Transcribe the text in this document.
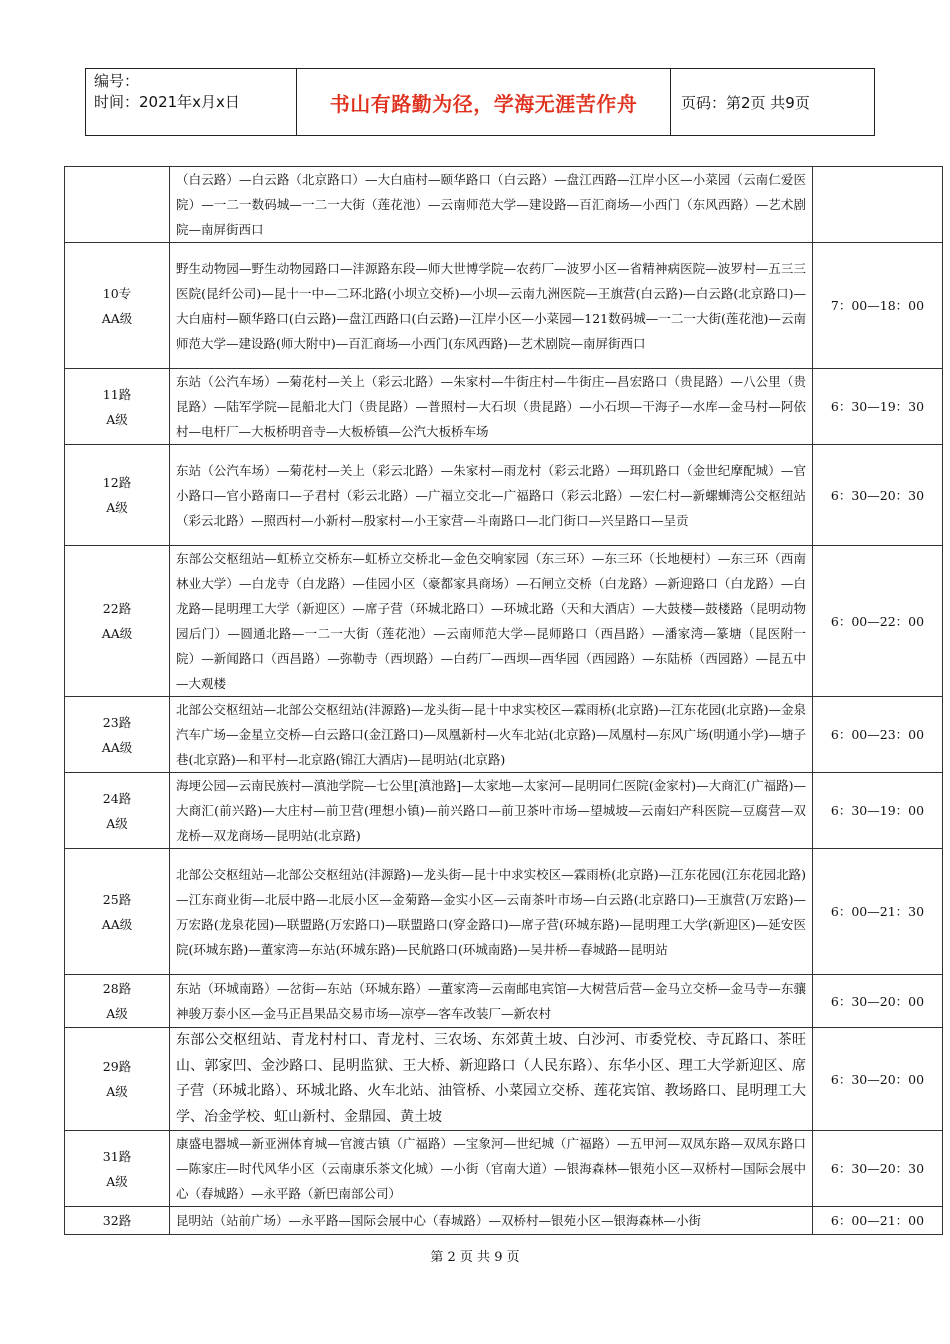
编号：
时间：2021年x月x日	书山有路勤为径，学海无涯苦作舟	页码：第2页 共9页
	（白云路）—白云路（北京路口）—大白庙村—颐华路口（白云路）—盘江西路—江岸小区—小菜园（云南仁爱医院）—一二一数码城—一二一大街（莲花池）—云南师范大学—建设路—百汇商场—小西门（东风西路）—艺术剧院—南屏街西口	

10专
AA级	野生动物园—野生动物园路口—沣源路东段—师大世博学院—农药厂—波罗小区—省精神病医院—波罗村—五三三医院(昆纤公司)—昆十一中—二环北路(小坝立交桥)—小坝—云南九洲医院—王旗营(白云路)—白云路(北京路口)—大白庙村—颐华路口(白云路)—盘江西路口(白云路)—江岸小区—小菜园—121数码城—一二一大街(莲花池)—云南师范大学—建设路(师大附中)—百汇商场—小西门(东风西路)—艺术剧院—南屏街西口	7：00—18：00

11路
A级	东站（公汽车场）—菊花村—关上（彩云北路）—朱家村—牛街庄村—牛街庄—昌宏路口（贵昆路）—八公里（贵昆路）—陆军学院—昆船北大门（贵昆路）—普照村—大石坝（贵昆路）—小石坝—干海子—水库—金马村—阿依村—电杆厂—大板桥明音寺—大板桥镇—公汽大板桥车场	6：30—19：30

12路
A级	东站（公汽车场）—菊花村—关上（彩云北路）—朱家村—雨龙村（彩云北路）—珥玑路口（金世纪摩配城）—官小路口—官小路南口—子君村（彩云北路）—广福立交北—广福路口（彩云北路）—宏仁村—新螺蛳湾公交枢纽站（彩云北路）—照西村—小新村—殷家村—小王家营—斗南路口—北门街口—兴呈路口—呈贡	6：30—20：30

22路
AA级	东部公交枢纽站—虹桥立交桥东—虹桥立交桥北—金色交响家园（东三环）—东三环（长地梗村）—东三环（西南林业大学）—白龙寺（白龙路）—佳园小区（豪都家具商场）—石闸立交桥（白龙路）—新迎路口（白龙路）—白龙路—昆明理工大学（新迎区）—席子营（环城北路口）—环城北路（天和大酒店）—大鼓楼—鼓楼路（昆明动物园后门）—圆通北路—一二一大街（莲花池）—云南师范大学—昆师路口（西昌路）—潘家湾—篆塘（昆医附一院）—新闻路口（西昌路）—弥勒寺（西坝路）—白药厂—西坝—西华园（西园路）—东陆桥（西园路）—昆五中—大观楼	6：00—22：00

23路
AA级	北部公交枢纽站—北部公交枢纽站(沣源路)—龙头街—昆十中求实校区—霖雨桥(北京路)—江东花园(北京路)—金泉汽车广场—金星立交桥—白云路口(金江路口)—凤凰新村—火车北站(北京路)—凤凰村—东风广场(明通小学)—塘子巷(北京路)—和平村—北京路(锦江大酒店)—昆明站(北京路)	6：00—23：00

24路
A级	海埂公园—云南民族村—滇池学院—七公里[滇池路]—太家地—太家河—昆明同仁医院(金家村)—大商汇(广福路)—大商汇(前兴路)—大庄村—前卫营(理想小镇)—前兴路口—前卫茶叶市场—望城坡—云南妇产科医院—豆腐营—双龙桥—双龙商场—昆明站(北京路)	6：30—19：00

25路
AA级	北部公交枢纽站—北部公交枢纽站(沣源路)—龙头街—昆十中求实校区—霖雨桥(北京路)—江东花园(江东花园北路)—江东商业街—北辰中路—北辰小区—金菊路—金实小区—云南茶叶市场—白云路(北京路口)—王旗营(万宏路)—万宏路(龙泉花园)—联盟路(万宏路口)—联盟路口(穿金路口)—席子营(环城东路)—昆明理工大学(新迎区)—延安医院(环城东路)—董家湾—东站(环城东路)—民航路口(环城南路)—吴井桥—春城路—昆明站	6：00—21：30

28路
A级	东站（环城南路）—岔街—东站（环城东路）—董家湾—云南邮电宾馆—大树营后营—金马立交桥—金马寺—东骧神骏万泰小区—金马正昌果品交易市场—凉亭—客车改装厂—新农村	6：30—20：00

29路
A级	东部公交枢纽站、青龙村村口、青龙村、三农场、东郊黄土坡、白沙河、市委党校、寺瓦路口、茶旺山、郭家凹、金沙路口、昆明监狱、王大桥、新迎路口（人民东路）、东华小区、理工大学新迎区、席子营（环城北路）、环城北路、火车北站、油管桥、小菜园立交桥、莲花宾馆、教场路口、昆明理工大学、冶金学校、虹山新村、金鼎园、黄土坡	6：30—20：00

31路
A级	康盛电器城—新亚洲体育城—官渡古镇（广福路）—宝象河—世纪城（广福路）—五甲河—双凤东路—双凤东路口—陈家庄—时代风华小区（云南康乐茶文化城）—小街（官南大道）—银海森林—银苑小区—双桥村—国际会展中心（春城路）—永平路（新巴南部公司）	6：30—20：30

32路	昆明站（站前广场）—永平路—国际会展中心（春城路）—双桥村—银苑小区—银海森林—小街	6：00—21：00
第 2 页 共 9 页
